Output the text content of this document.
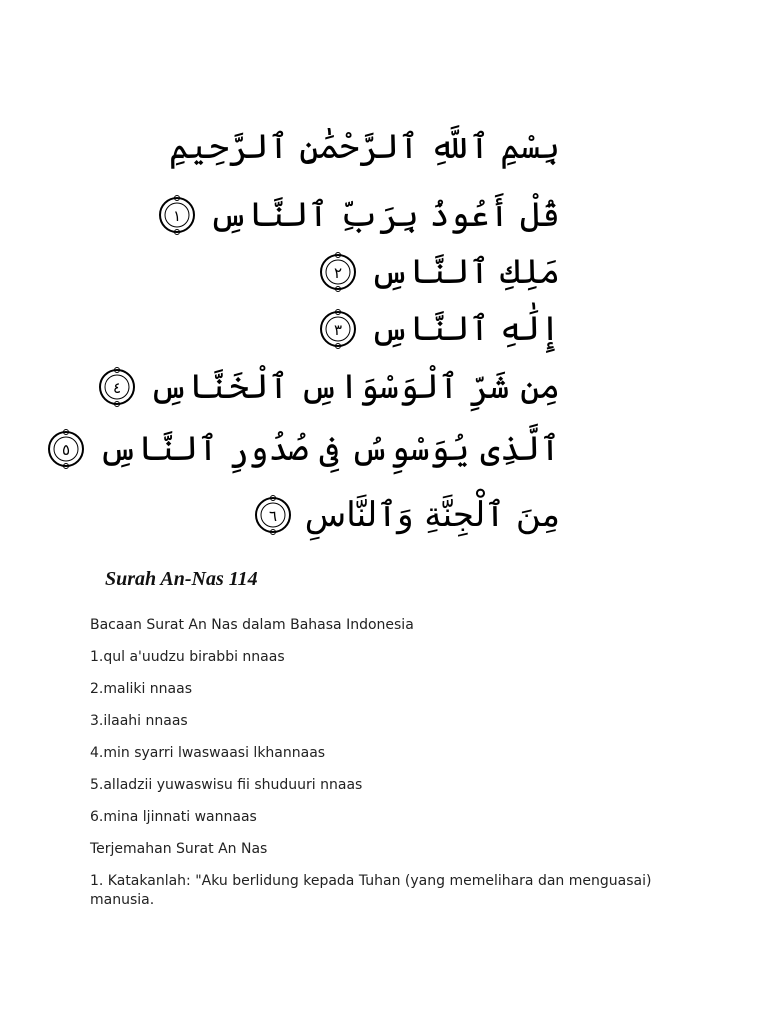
بِسْمِ ٱللَّهِ ٱلرَّحْمَٰنِ ٱلرَّحِيمِ
١ قُلْ أَعُوذُ بِرَبِّ ٱلنَّاسِ
٢ مَلِكِ ٱلنَّاسِ
٣ إِلَٰهِ ٱلنَّاسِ
٤ مِن شَرِّ ٱلْوَسْوَاسِ ٱلْخَنَّاسِ
٥ ٱلَّذِى يُوَسْوِسُ فِى صُدُورِ ٱلنَّاسِ
٦ مِنَ ٱلْجِنَّةِ وَٱلنَّاسِ
Surah An-Nas 114
Bacaan Surat An Nas dalam Bahasa Indonesia
1.qul a'uudzu birabbi nnaas
2.maliki nnaas
3.ilaahi nnaas
4.min syarri lwaswaasi lkhannaas
5.alladzii yuwaswisu fii shuduuri nnaas
6.mina ljinnati wannaas
Terjemahan Surat An Nas
1. Katakanlah: "Aku berlidung kepada Tuhan (yang memelihara dan menguasai) manusia.
